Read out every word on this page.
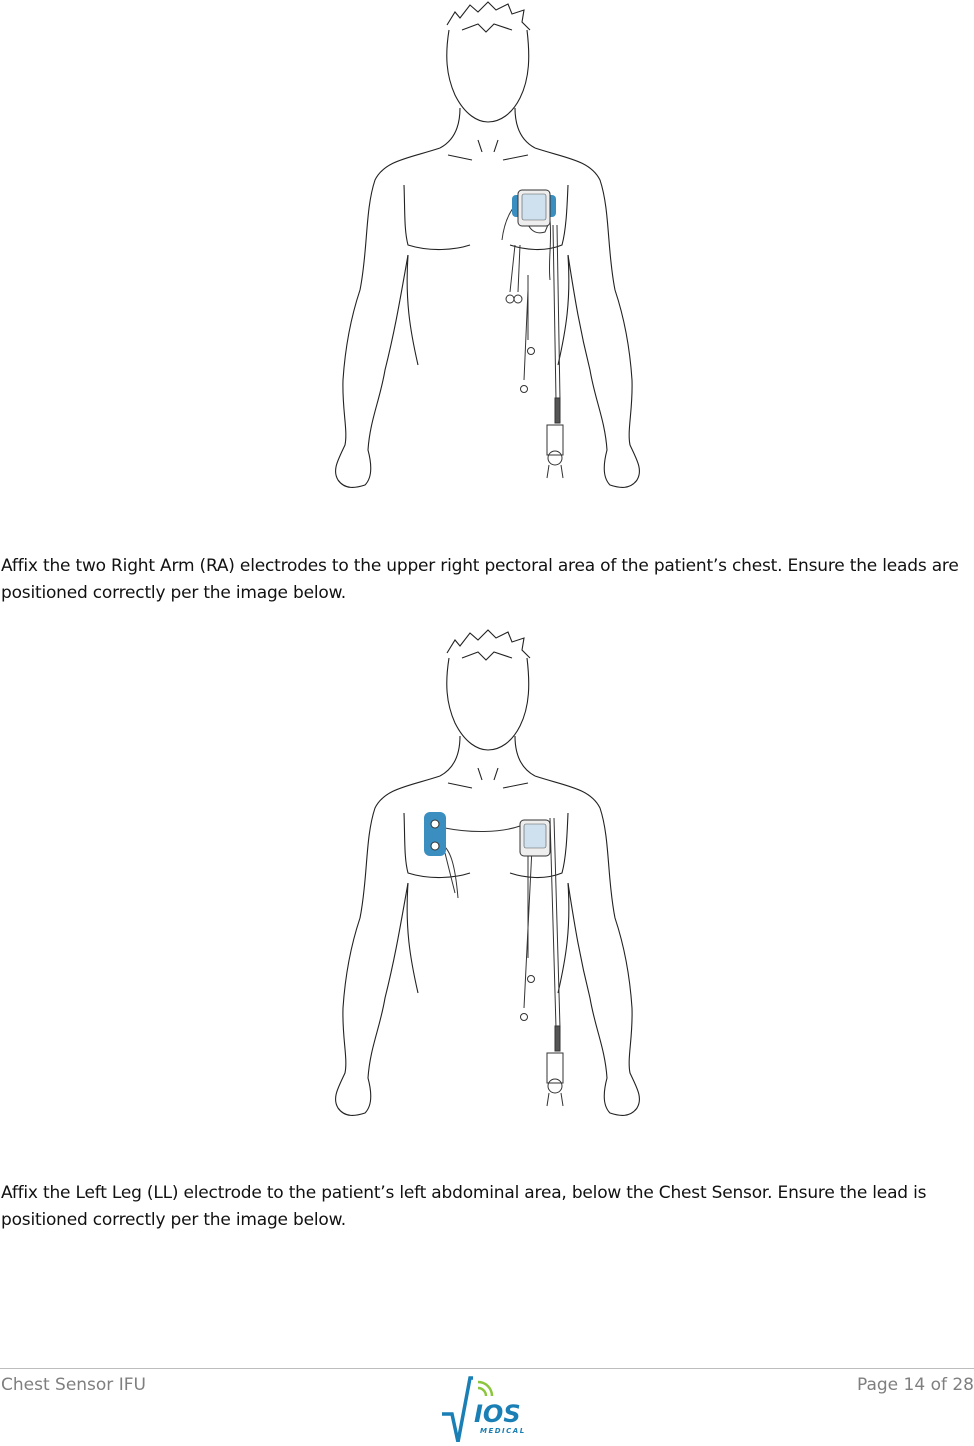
Affix the two Right Arm (RA) electrodes to the upper right pectoral area of the patient’s chest. Ensure the leads are positioned correctly per the image below.

Affix the Left Leg (LL) electrode to the patient’s left abdominal area, below the Chest Sensor. Ensure the lead is positioned correctly per the image below.

Chest Sensor IFU	Page 14 of 28
IOS
MEDICAL
